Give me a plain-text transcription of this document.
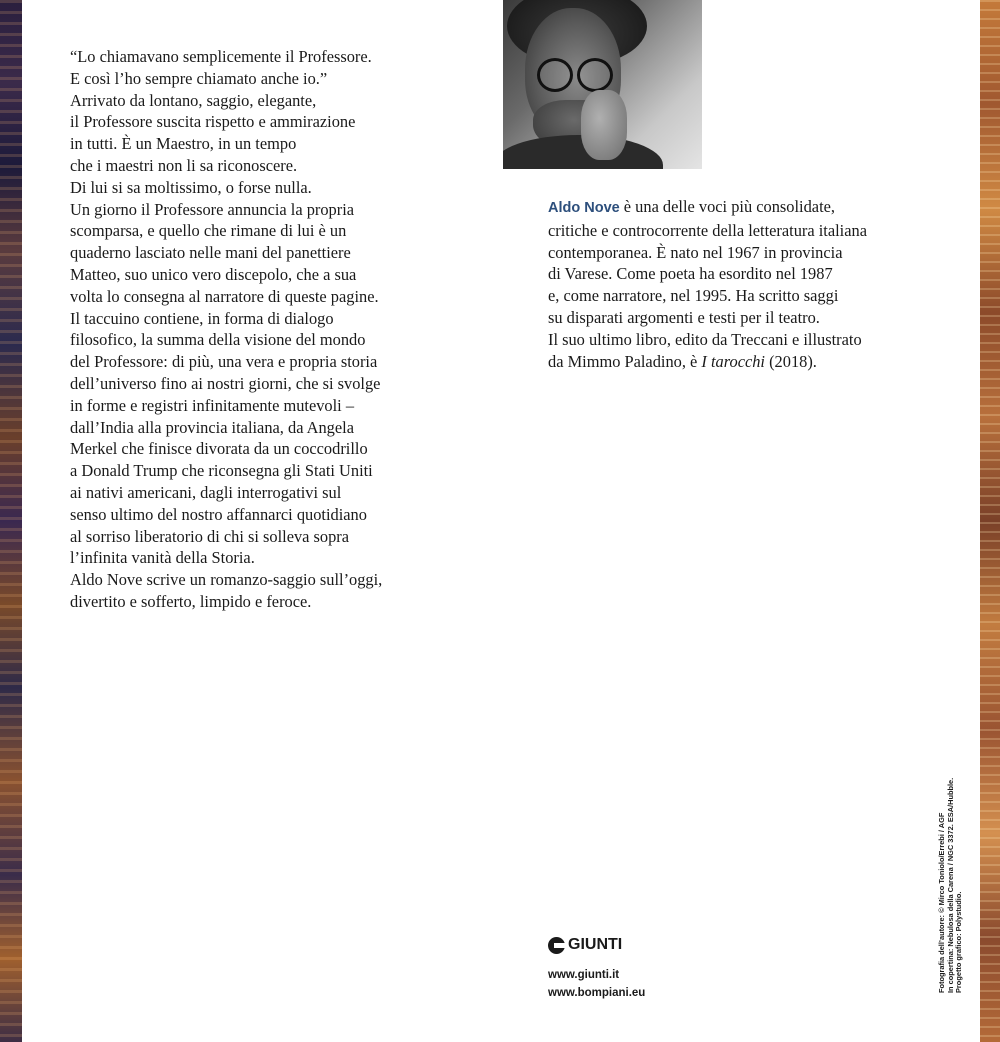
“Lo chiamavano semplicemente il Professore.
E così l’ho sempre chiamato anche io.”
Arrivato da lontano, saggio, elegante,
il Professore suscita rispetto e ammirazione
in tutti. È un Maestro, in un tempo
che i maestri non li sa riconoscere.
Di lui si sa moltissimo, o forse nulla.
Un giorno il Professore annuncia la propria
scomparsa, e quello che rimane di lui è un
quaderno lasciato nelle mani del panettiere
Matteo, suo unico vero discepolo, che a sua
volta lo consegna al narratore di queste pagine.
Il taccuino contiene, in forma di dialogo
filosofico, la summa della visione del mondo
del Professore: di più, una vera e propria storia
dell’universo fino ai nostri giorni, che si svolge
in forme e registri infinitamente mutevoli –
dall’India alla provincia italiana, da Angela
Merkel che finisce divorata da un coccodrillo
a Donald Trump che riconsegna gli Stati Uniti
ai nativi americani, dagli interrogativi sul
senso ultimo del nostro affannarci quotidiano
al sorriso liberatorio di chi si solleva sopra
l’infinita vanità della Storia.
Aldo Nove scrive un romanzo-saggio sull’oggi,
divertito e sofferto, limpido e feroce.
Aldo Nove è una delle voci più consolidate,
critiche e controcorrente della letteratura italiana
contemporanea. È nato nel 1967 in provincia
di Varese. Come poeta ha esordito nel 1987
e, come narratore, nel 1995. Ha scritto saggi
su disparati argomenti e testi per il teatro.
Il suo ultimo libro, edito da Treccani e illustrato
da Mimmo Paladino, è I tarocchi (2018).
GIUNTI
www.giunti.it
www.bompiani.eu	Fotografia dell’autore: © Mirco Toniolo/Errebi / AGF In copertina: Nebulosa della Carena / NGC 3372. ESA/Hubble. Progetto grafico: Polystudio.
